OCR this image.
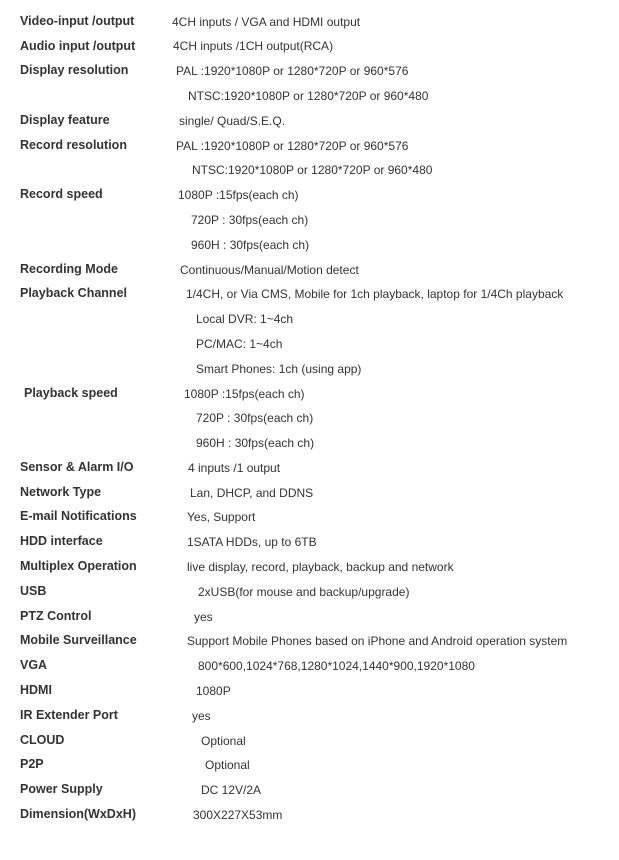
Video-input /output	4CH inputs / VGA and HDMI output
Audio input /output	4CH inputs /1CH output(RCA)
Display resolution	PAL :1920*1080P or 1280*720P or 960*576
NTSC:1920*1080P or 1280*720P or 960*480
Display feature	single/ Quad/S.E.Q.
Record resolution	PAL :1920*1080P or 1280*720P or 960*576
NTSC:1920*1080P or 1280*720P or 960*480
Record speed	1080P :15fps(each ch)
720P : 30fps(each ch)
960H : 30fps(each ch)
Recording Mode	Continuous/Manual/Motion detect
Playback Channel	1/4CH, or Via CMS, Mobile for 1ch playback, laptop for 1/4Ch playback
Local DVR: 1~4ch
PC/MAC: 1~4ch
Smart Phones: 1ch (using app)
Playback speed	1080P :15fps(each ch)
720P : 30fps(each ch)
960H : 30fps(each ch)
Sensor & Alarm I/O	4 inputs /1 output
Network Type	Lan, DHCP, and DDNS
E-mail Notifications	Yes, Support
HDD interface	1SATA HDDs, up to 6TB
Multiplex Operation	live display, record, playback, backup and network
USB	2xUSB(for mouse and backup/upgrade)
PTZ Control	yes
Mobile Surveillance	Support Mobile Phones based on iPhone and Android operation system
VGA	800*600,1024*768,1280*1024,1440*900,1920*1080
HDMI	1080P
IR Extender Port	yes
CLOUD	Optional
P2P	Optional
Power Supply	DC 12V/2A
Dimension(WxDxH)	300X227X53mm
